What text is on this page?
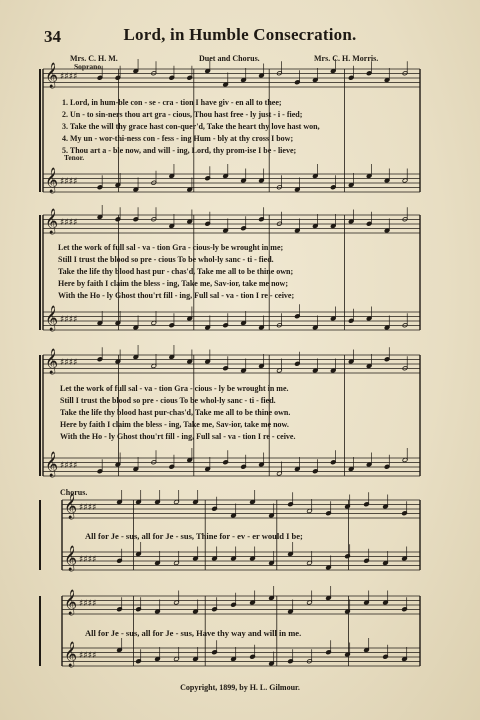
34	Lord, in Humble Consecration.
Mrs. C. H. M.	Duet and Chorus.	Mrs. C. H. Morris.
Soprano.
Tenor.
𝄞 ♯♯♯♯
𝄞 ♯♯♯♯
𝄞 ♯♯♯♯
𝄞 ♯♯♯♯
𝄞 ♯♯♯♯
𝄞 ♯♯♯♯
𝄞 ♯♯♯♯
𝄞 ♯♯♯♯
𝄞 ♯♯♯♯
𝄞 ♯♯♯♯
1. Lord, in hum-ble con - se - cra - tion I have giv - en all to thee;
2. Un - to sin-ners thou art gra - cious, Thou hast free - ly just - i - fied;
3. Take the will thy grace hast con-quer'd, Take the heart thy love hast won,
4. My un - wor-thi-ness con - fess - ing Hum - bly at thy cross I bow;
5. Thou art a - ble now, and will - ing, Lord, thy prom-ise I be - lieve;
Let the work of full sal - va - tion Gra - cious-ly be wrought in me;
Still I trust the blood so pre - cious To be whol-ly sanc - ti - fied.
Take the life thy blood hast pur - chas'd, Take me all to be thine own;
Here by faith I claim the bless - ing, Take me, Sav-ior, take me now;
With the Ho - ly Ghost thou'rt fill - ing, Full sal - va - tion I re - ceive;
Let the work of full sal - va - tion Gra - cious - ly be wrought in me.
Still I trust the blood so pre - cious To be whol-ly sanc - ti - fied.
Take the life thy blood hast pur-chas'd, Take me all to be thine own.
Here by faith I claim the bless - ing, Take me, Sav-ior, take me now.
With the Ho - ly Ghost thou'rt fill - ing, Full sal - va - tion I re - ceive.
Chorus.
All for Je - sus, all for Je - sus, Thine for - ev - er would I be;
All for Je - sus, all for Je - sus, Have thy way and will in me.
Copyright, 1899, by H. L. Gilmour.
